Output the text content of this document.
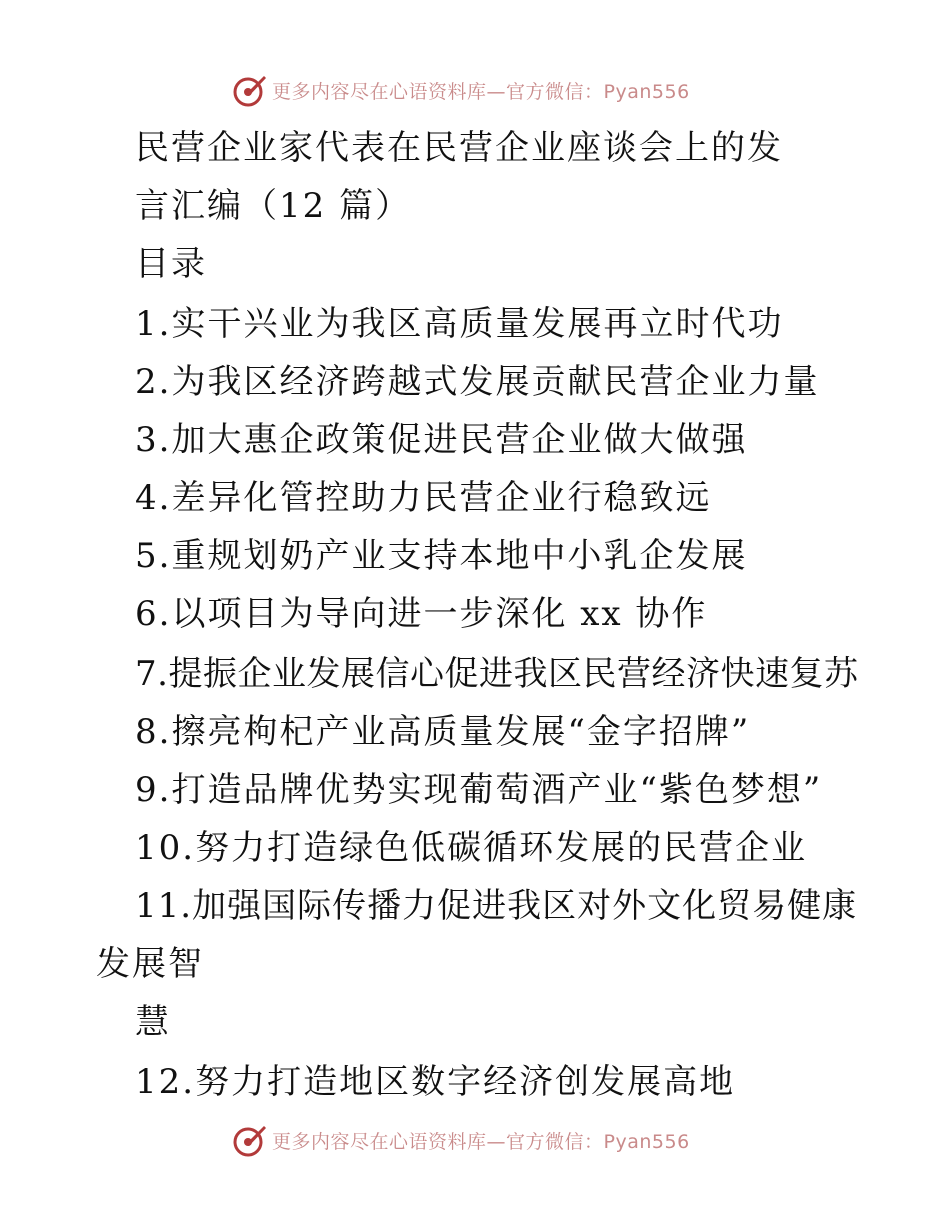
更多内容尽在心语资料库—官方微信：Pyan556
民营企业家代表在民营企业座谈会上的发
言汇编（12 篇）
目录
1.实干兴业为我区高质量发展再立时代功
2.为我区经济跨越式发展贡献民营企业力量
3.加大惠企政策促进民营企业做大做强
4.差异化管控助力民营企业行稳致远
5.重规划奶产业支持本地中小乳企发展
6.以项目为导向进一步深化 xx 协作
7.提振企业发展信心促进我区民营经济快速复苏
8.擦亮枸杞产业高质量发展“金字招牌”
9.打造品牌优势实现葡萄酒产业“紫色梦想”
10.努力打造绿色低碳循环发展的民营企业
11.加强国际传播力促进我区对外文化贸易健康
发展智
慧
12.努力打造地区数字经济创发展高地
更多内容尽在心语资料库—官方微信：Pyan556
